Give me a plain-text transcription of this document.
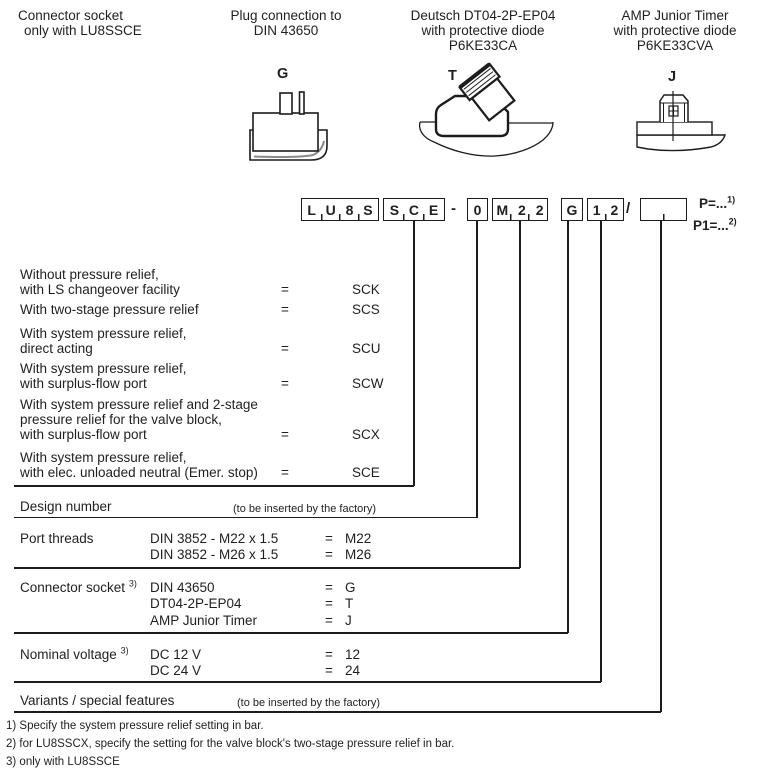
Connector socket
only with LU8SSCE
Plug connection to
DIN 43650
Deutsch DT04-2P-EP04
with protective diode
P6KE33CA
AMP Junior Timer
with protective diode
P6KE33CVA
G	T	J
L U 8 S	S C E -	0 M 2 2	G 1 2 /	P=...$^{1)}$
P1=...$^{2)}$
Without pressure relief,
with LS changeover facility	=	SCK
With two-stage pressure relief	=	SCS
With system pressure relief,
direct acting	=	SCU
With system pressure relief,
with surplus-flow port	=	SCW
With system pressure relief and 2-stage
pressure relief for the valve block,
with surplus-flow port	=	SCX
With system pressure relief,
with elec. unloaded neutral (Emer. stop)	=	SCE
Design number	(to be inserted by the factory)
Port threads	DIN 3852 - M22 x 1.5	= M22
DIN 3852 - M26 x 1.5	= M26
Connector socket $^{3)}$ DIN 43650	= G
DT04-2P-EP04	= T
AMP Junior Timer	= J
Nominal voltage $^{3)}$ DC 12 V	= 12
DC 24 V	= 24
Variants / special features	(to be inserted by the factory)
1) Specify the system pressure relief setting in bar.
2) for LU8SSCX, specify the setting for the valve block's two-stage pressure relief in bar.
3) only with LU8SSCE
